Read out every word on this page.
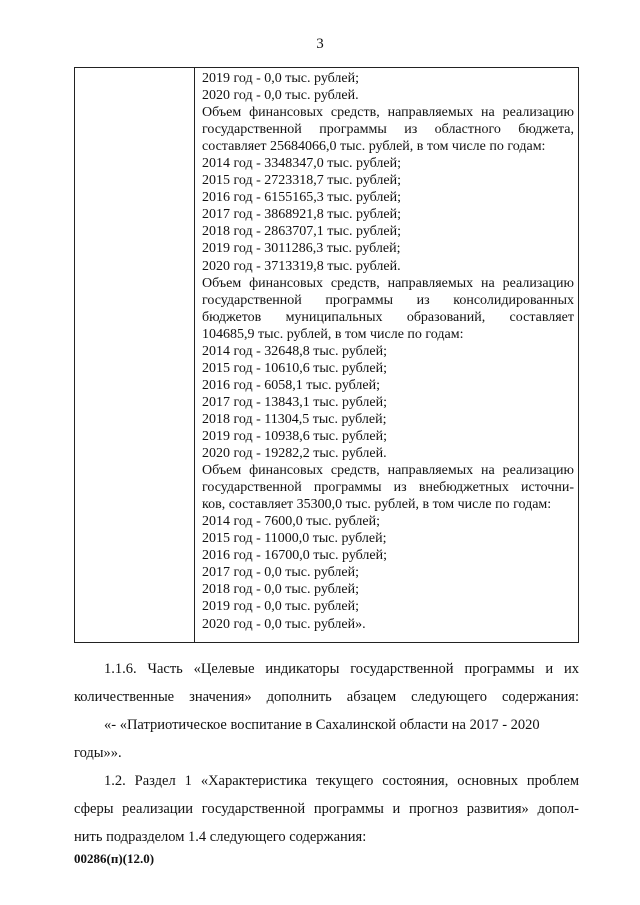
3
2019 год - 0,0 тыс. рублей;
2020 год - 0,0 тыс. рублей.
Объем финансовых средств, направляемых на реализацию
государственной программы из областного бюджета,
составляет 25684066,0 тыс. рублей, в том числе по годам:
2014 год - 3348347,0 тыс. рублей;
2015 год - 2723318,7 тыс. рублей;
2016 год - 6155165,3 тыс. рублей;
2017 год - 3868921,8 тыс. рублей;
2018 год - 2863707,1 тыс. рублей;
2019 год - 3011286,3 тыс. рублей;
2020 год - 3713319,8 тыс. рублей.
Объем финансовых средств, направляемых на реализацию
государственной программы из консолидированных
бюджетов муниципальных образований, составляет
104685,9 тыс. рублей, в том числе по годам:
2014 год - 32648,8 тыс. рублей;
2015 год - 10610,6 тыс. рублей;
2016 год - 6058,1 тыс. рублей;
2017 год - 13843,1 тыс. рублей;
2018 год - 11304,5 тыс. рублей;
2019 год - 10938,6 тыс. рублей;
2020 год - 19282,2 тыс. рублей.
Объем финансовых средств, направляемых на реализацию
государственной программы из внебюджетных источни-
ков, составляет 35300,0 тыс. рублей, в том числе по годам:
2014 год - 7600,0 тыс. рублей;
2015 год - 11000,0 тыс. рублей;
2016 год - 16700,0 тыс. рублей;
2017 год - 0,0 тыс. рублей;
2018 год - 0,0 тыс. рублей;
2019 год - 0,0 тыс. рублей;
2020 год - 0,0 тыс. рублей».
1.1.6. Часть «Целевые индикаторы государственной программы и их
количественные значения» дополнить абзацем следующего содержания:
«- «Патриотическое воспитание в Сахалинской области на 2017 - 2020
годы»».
1.2. Раздел 1 «Характеристика текущего состояния, основных проблем
сферы реализации государственной программы и прогноз развития» допол-
нить подразделом 1.4 следующего содержания:
00286(п)(12.0)
